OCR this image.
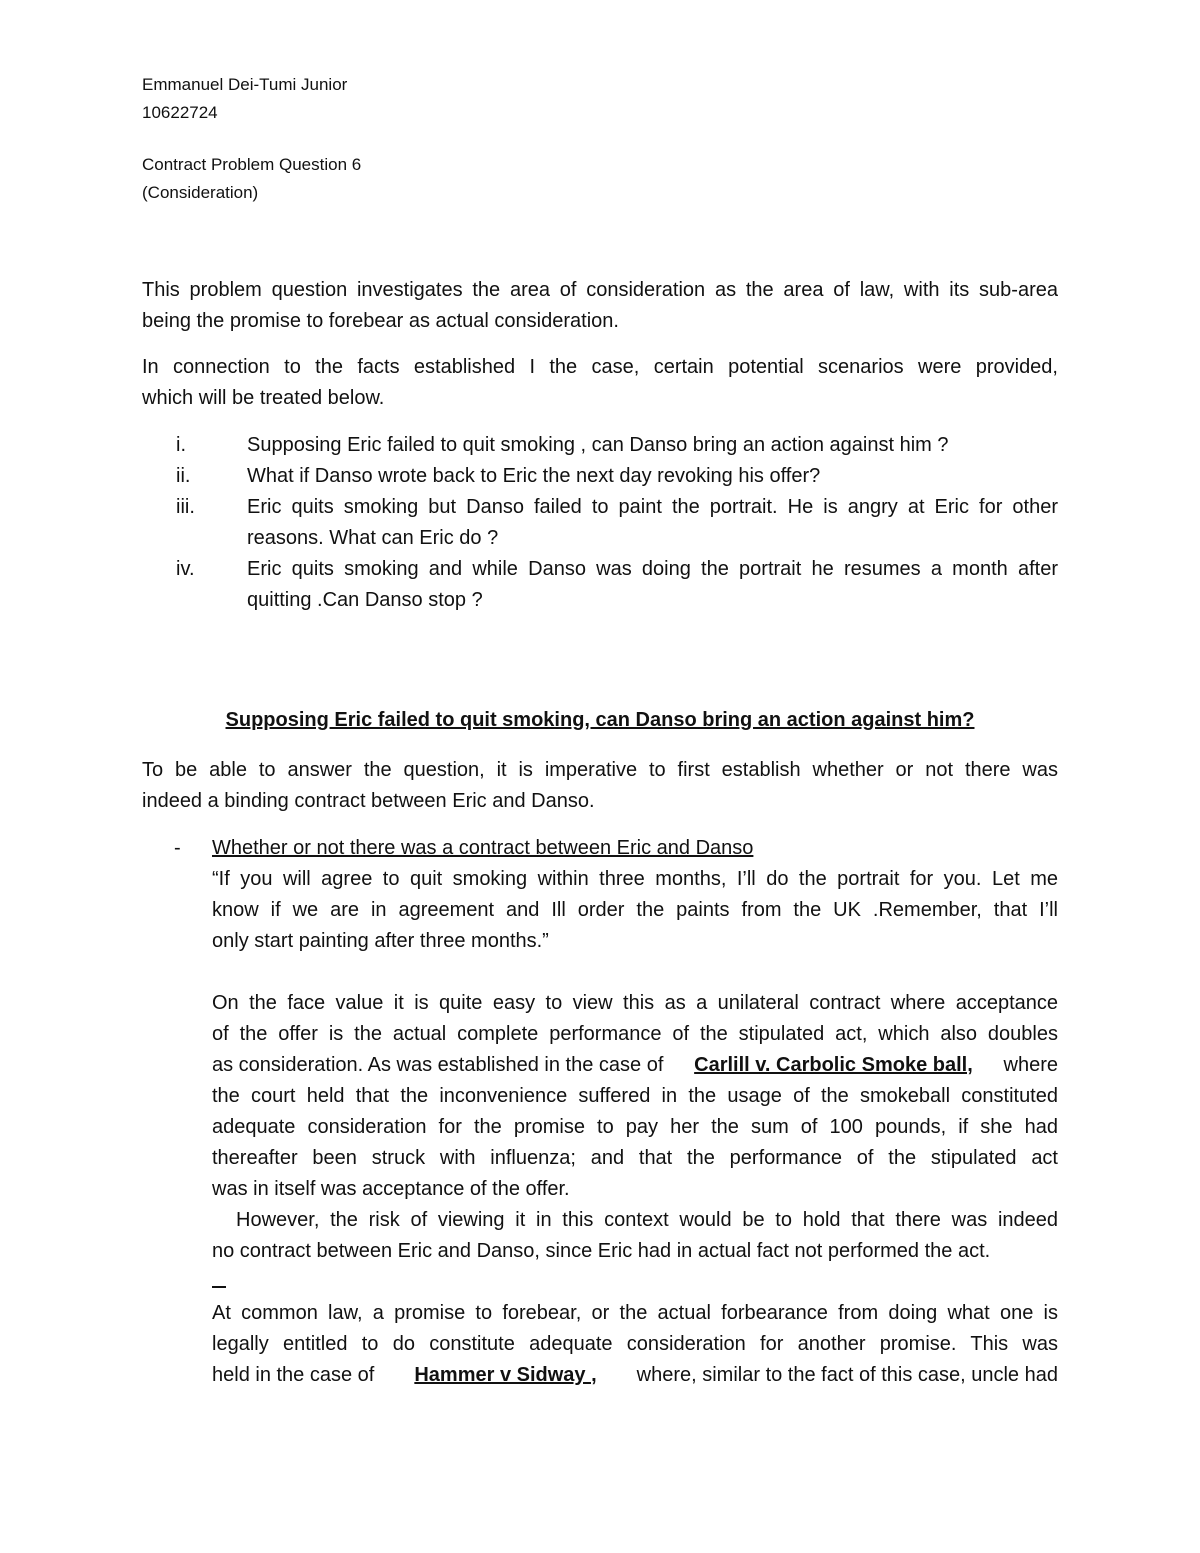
Emmanuel Dei-Tumi Junior
10622724
Contract Problem Question 6
(Consideration)
This problem question investigates the area of consideration as the area of law, with its sub-area
being the promise to forebear as actual consideration.
In connection to the facts established I the case, certain potential scenarios were provided,
which will be treated below.
i.	Supposing Eric failed to quit smoking , can Danso bring an action against him ?
ii.	What if Danso wrote back to Eric the next day revoking his offer?
iii.	Eric quits smoking but Danso failed to paint the portrait. He is angry at Eric for other
reasons. What can Eric do ?
iv.	Eric quits smoking and while Danso was doing the portrait he resumes a month after
quitting .Can Danso stop ?
Supposing Eric failed to quit smoking, can Danso bring an action against him?
To be able to answer the question, it is imperative to first establish whether or not there was
indeed a binding contract between Eric and Danso.
- Whether or not there was a contract between Eric and Danso
“If you will agree to quit smoking within three months, I’ll do the portrait for you. Let me
know if we are in agreement and Ill order the paints from the UK .Remember, that I’ll
only start painting after three months.”
On the face value it is quite easy to view this as a unilateral contract where acceptance
of the offer is the actual complete performance of the stipulated act, which also doubles
as consideration. As was established in the case of Carlill v. Carbolic Smoke ball, where
the court held that the inconvenience suffered in the usage of the smokeball constituted
adequate consideration for the promise to pay her the sum of 100 pounds, if she had
thereafter been struck with influenza; and that the performance of the stipulated act
was in itself was acceptance of the offer.
However, the risk of viewing it in this context would be to hold that there was indeed
no contract between Eric and Danso, since Eric had in actual fact not performed the act.
At common law, a promise to forebear, or the actual forbearance from doing what one is
legally entitled to do constitute adequate consideration for another promise. This was
held in the case of Hammer v Sidway , where, similar to the fact of this case, uncle had
